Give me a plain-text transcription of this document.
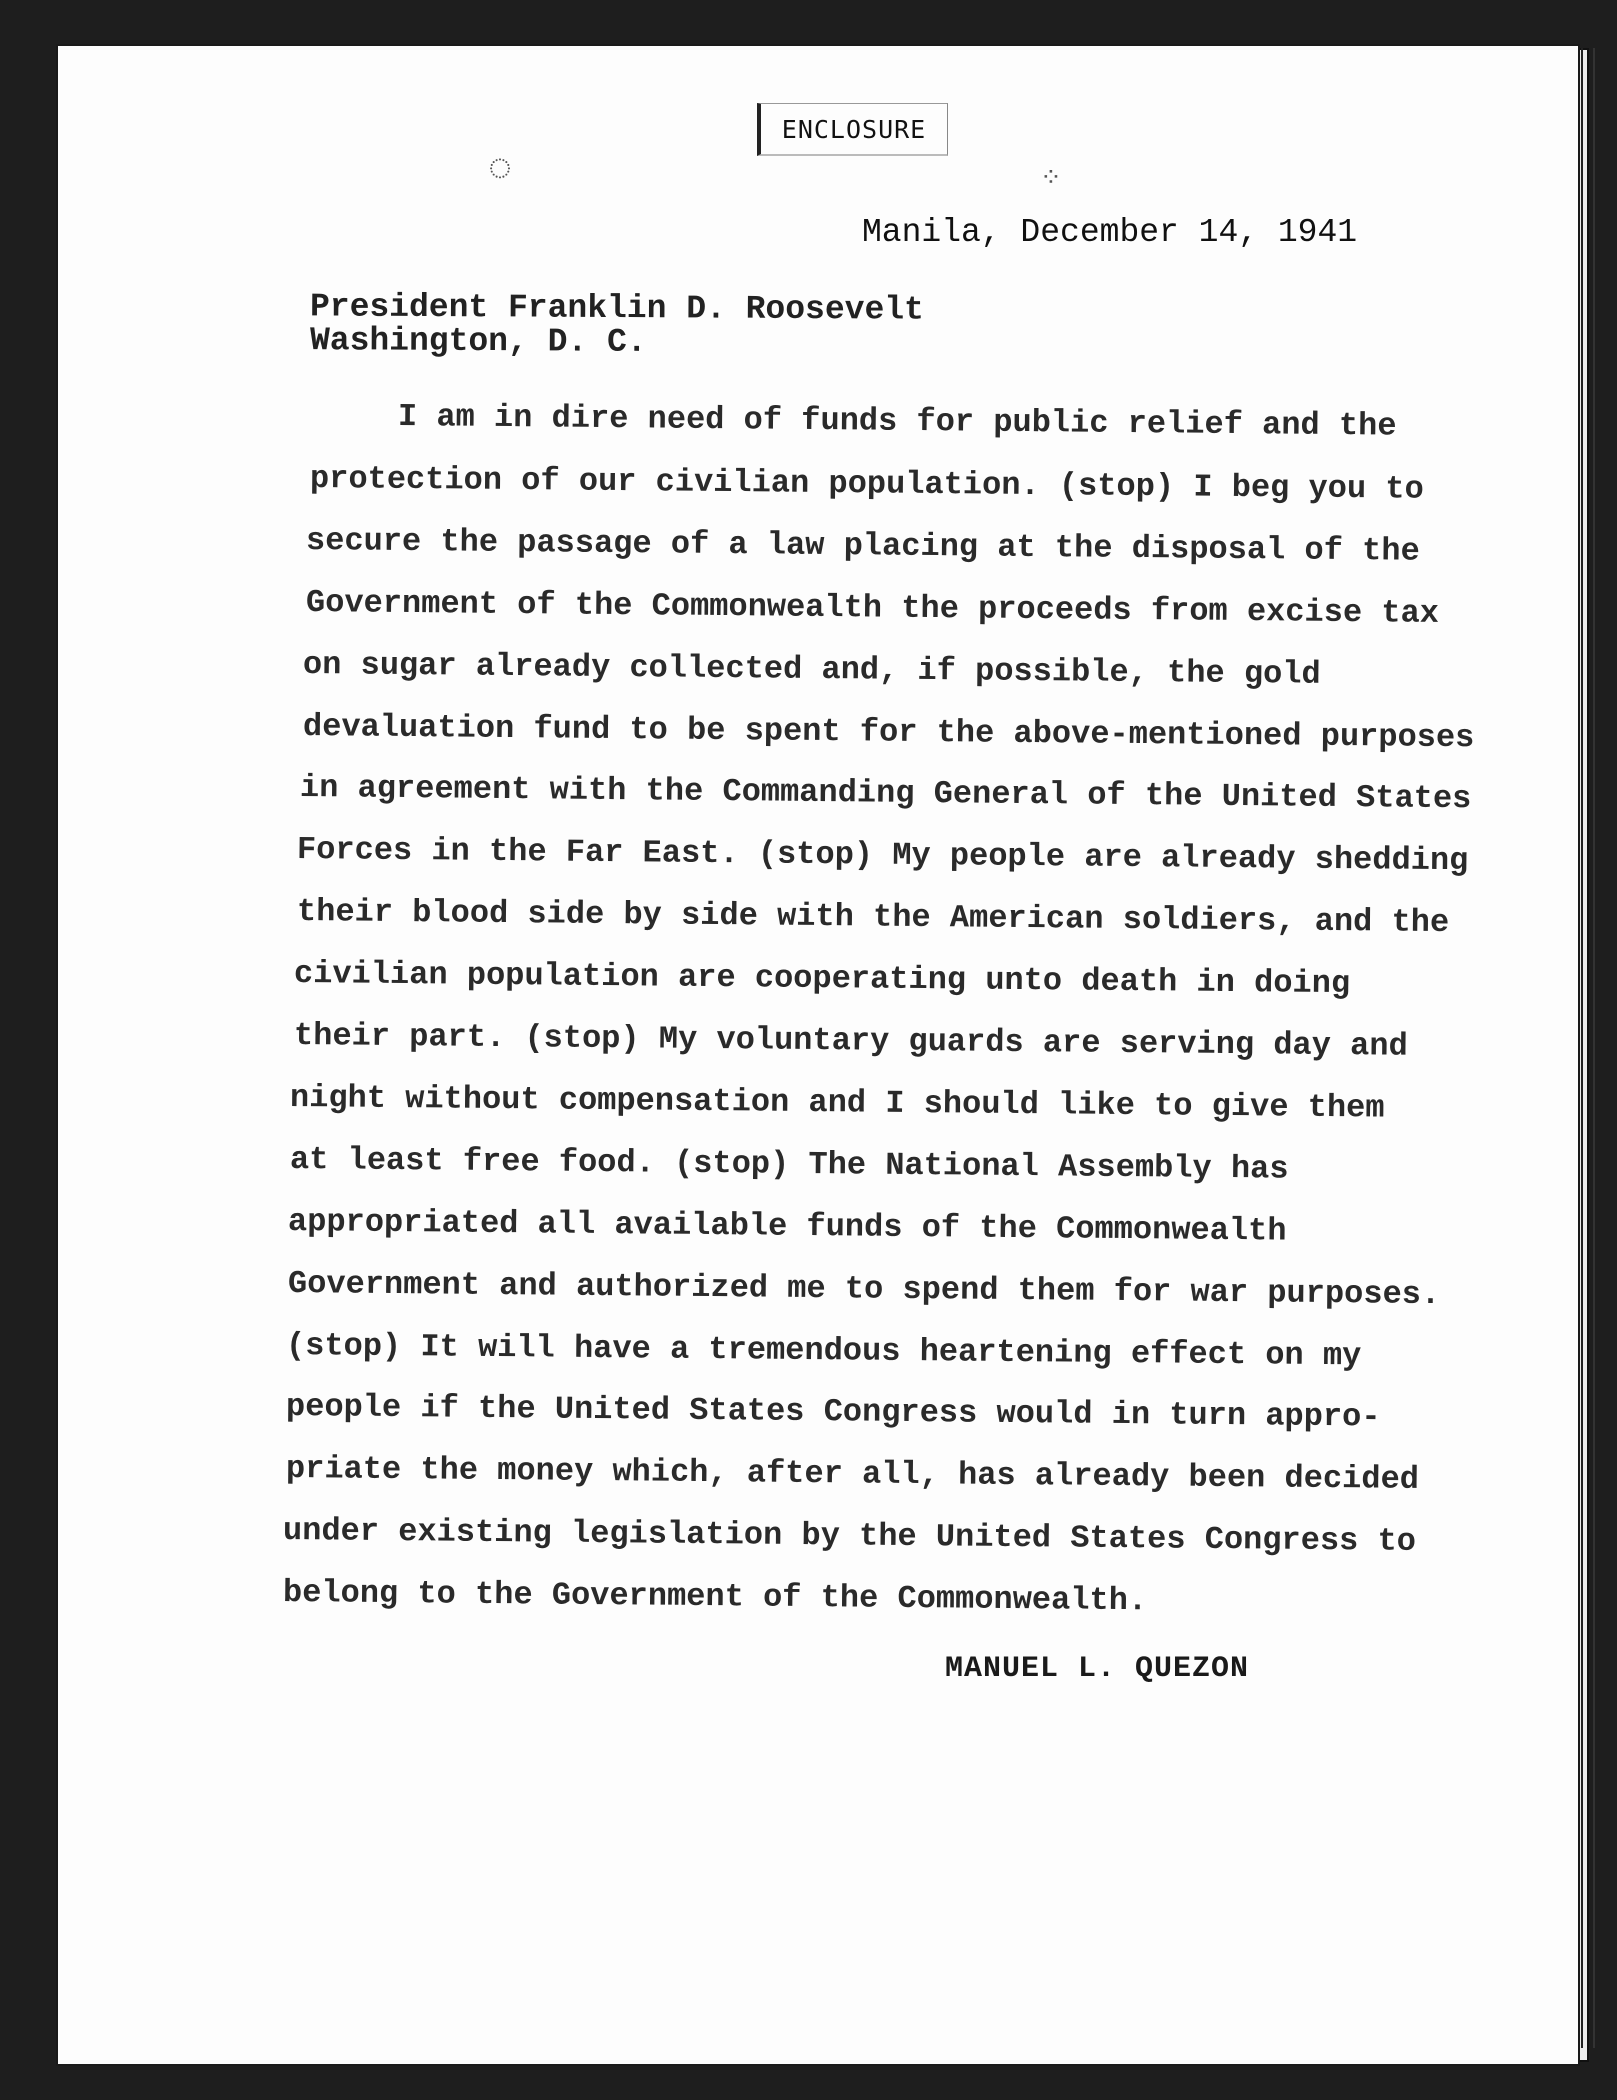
ENCLOSURE
◌	⁘
Manila, December 14, 1941
President Franklin D. Roosevelt
Washington, D. C.
I am in dire need of funds for public relief and the
protection of our civilian population. (stop) I beg you to
secure the passage of a law placing at the disposal of the
Government of the Commonwealth the proceeds from excise tax
on sugar already collected and, if possible, the gold
devaluation fund to be spent for the above-mentioned purposes
in agreement with the Commanding General of the United States
Forces in the Far East. (stop) My people are already shedding
their blood side by side with the American soldiers, and the
civilian population are cooperating unto death in doing
their part. (stop) My voluntary guards are serving day and
night without compensation and I should like to give them
at least free food. (stop) The National Assembly has
appropriated all available funds of the Commonwealth
Government and authorized me to spend them for war purposes.
(stop) It will have a tremendous heartening effect on my
people if the United States Congress would in turn appro-
priate the money which, after all, has already been decided
under existing legislation by the United States Congress to
belong to the Government of the Commonwealth.
MANUEL L. QUEZON
